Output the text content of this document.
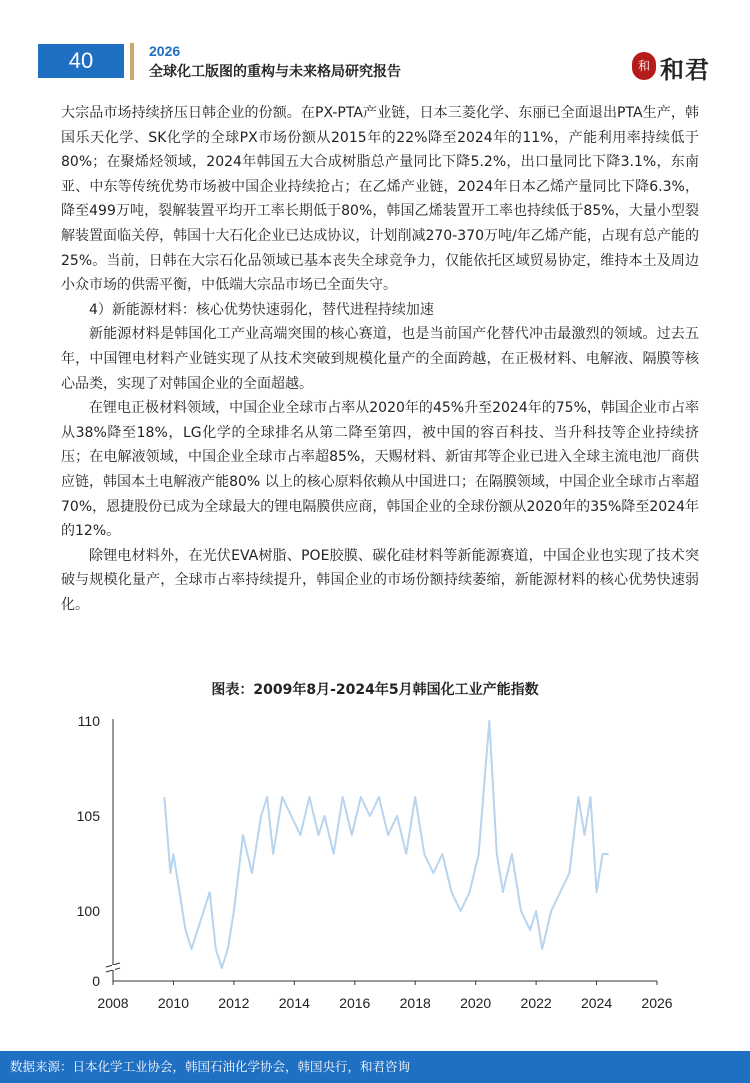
40	2026
全球化工版图的重构与未来格局研究报告	和 和君

大宗品市场持续挤压日韩企业的份额。在PX-PTA产业链，日本三菱化学、东丽已全面退出PTA生产，韩国乐天化学、SK化学的全球PX市场份额从2015年的22%降至2024年的11%，产能利用率持续低于80%；在聚烯烃领域，2024年韩国五大合成树脂总产量同比下降5.2%，出口量同比下降3.1%，东南亚、中东等传统优势市场被中国企业持续抢占；在乙烯产业链，2024年日本乙烯产量同比下降6.3%，降至499万吨，裂解装置平均开工率长期低于80%，韩国乙烯装置开工率也持续低于85%，大量小型裂解装置面临关停，韩国十大石化企业已达成协议，计划削减270-370万吨/年乙烯产能，占现有总产能的25%。当前，日韩在大宗石化品领域已基本丧失全球竞争力，仅能依托区域贸易协定，维持本土及周边小众市场的供需平衡，中低端大宗品市场已全面失守。

4）新能源材料：核心优势快速弱化，替代进程持续加速

新能源材料是韩国化工产业高端突围的核心赛道，也是当前国产化替代冲击最激烈的领域。过去五年，中国锂电材料产业链实现了从技术突破到规模化量产的全面跨越，在正极材料、电解液、隔膜等核心品类，实现了对韩国企业的全面超越。

在锂电正极材料领域，中国企业全球市占率从2020年的45%升至2024年的75%，韩国企业市占率从38%降至18%，LG化学的全球排名从第二降至第四，被中国的容百科技、当升科技等企业持续挤压；在电解液领域，中国企业全球市占率超85%，天赐材料、新宙邦等企业已进入全球主流电池厂商供应链，韩国本土电解液产能80% 以上的核心原料依赖从中国进口；在隔膜领域，中国企业全球市占率超70%，恩捷股份已成为全球最大的锂电隔膜供应商，韩国企业的全球份额从2020年的35%降至2024年的12%。

除锂电材料外，在光伏EVA树脂、POE胶膜、碳化硅材料等新能源赛道，中国企业也实现了技术突破与规模化量产，全球市占率持续提升，韩国企业的市场份额持续萎缩，新能源材料的核心优势快速弱化。

图表：2009年8月-2024年5月韩国化工业产能指数
0
100
105
110
2008 2010 2012 2014 2016 2018 2020 2022 2024 2026
数据来源：日本化学工业协会，韩国石油化学协会，韩国央行，和君咨询
